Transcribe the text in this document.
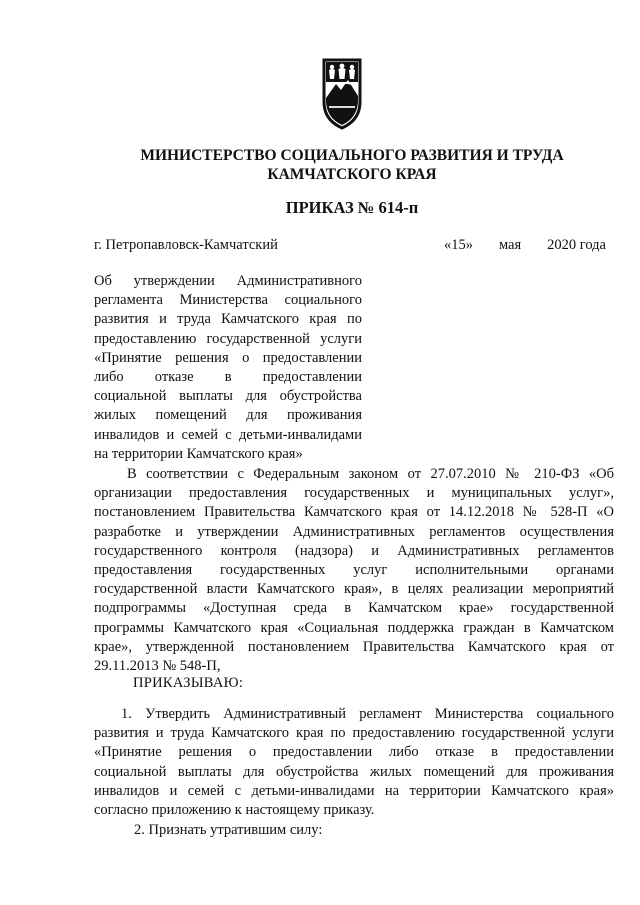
МИНИСТЕРСТВО СОЦИАЛЬНОГО РАЗВИТИЯ И ТРУДА
КАМЧАТСКОГО КРАЯ
ПРИКАЗ № 614-п
г. Петропавловск-Камчатский	«15» мая 2020 года
Об утверждении Административного
регламента Министерства социального
развития и труда Камчатского края по
предоставлению государственной услуги
«Принятие решения о предоставлении
либо отказе в предоставлении
социальной выплаты для обустройства
жилых помещений для проживания
инвалидов и семей с детьми-инвалидами
на территории Камчатского края»
В соответствии с Федеральным законом от 27.07.2010 № 210-ФЗ «Об
организации предоставления государственных и муниципальных услуг»,
постановлением Правительства Камчатского края от 14.12.2018 № 528-П «О
разработке и утверждении Административных регламентов осуществления
государственного контроля (надзора) и Административных регламентов
предоставления государственных услуг исполнительными органами
государственной власти Камчатского края», в целях реализации мероприятий
подпрограммы «Доступная среда в Камчатском крае» государственной
программы Камчатского края «Социальная поддержка граждан в Камчатском
крае», утвержденной постановлением Правительства Камчатского края от
29.11.2013 № 548-П,
ПРИКАЗЫВАЮ:
1. Утвердить Административный регламент Министерства социального
развития и труда Камчатского края по предоставлению государственной услуги
«Принятие решения о предоставлении либо отказе в предоставлении
социальной выплаты для обустройства жилых помещений для проживания
инвалидов и семей с детьми-инвалидами на территории Камчатского края»
согласно приложению к настоящему приказу.
2. Признать утратившим силу:
